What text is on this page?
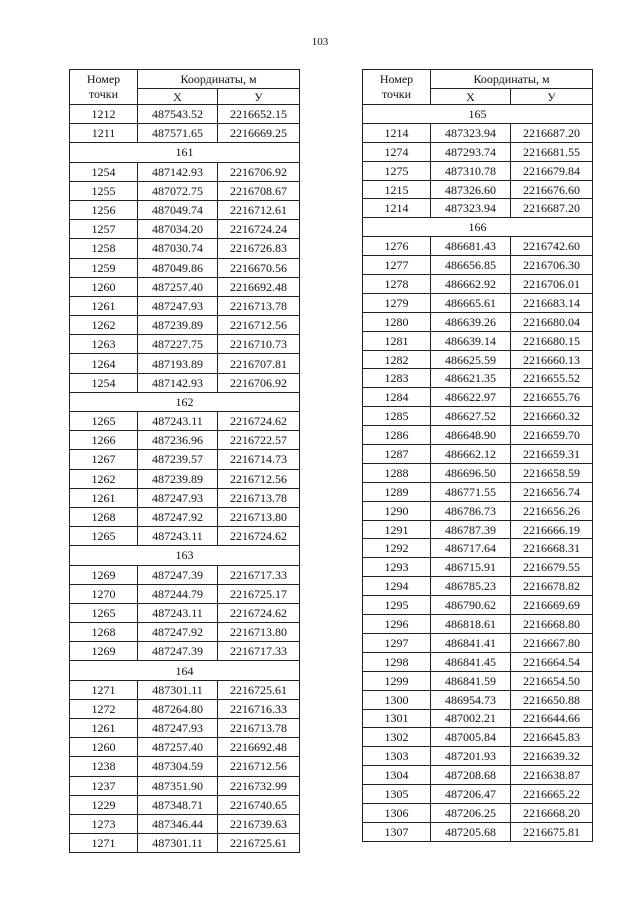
103
Номер точки	Координаты, м	
	X	У
1212	487543.52	2216652.15
1211	487571.65	2216669.25
161		
1254	487142.93	2216706.92
1255	487072.75	2216708.67
1256	487049.74	2216712.61
1257	487034.20	2216724.24
1258	487030.74	2216726.83
1259	487049.86	2216670.56
1260	487257.40	2216692.48
1261	487247.93	2216713.78
1262	487239.89	2216712.56
1263	487227.75	2216710.73
1264	487193.89	2216707.81
1254	487142.93	2216706.92
162		
1265	487243.11	2216724.62
1266	487236.96	2216722.57
1267	487239.57	2216714.73
1262	487239.89	2216712.56
1261	487247.93	2216713.78
1268	487247.92	2216713.80
1265	487243.11	2216724.62
163		
1269	487247.39	2216717.33
1270	487244.79	2216725.17
1265	487243.11	2216724.62
1268	487247.92	2216713.80
1269	487247.39	2216717.33
164		
1271	487301.11	2216725.61
1272	487264.80	2216716.33
1261	487247.93	2216713.78
1260	487257.40	2216692.48
1238	487304.59	2216712.56
1237	487351.90	2216732.99
1229	487348.71	2216740.65
1273	487346.44	2216739.63
1271	487301.11	2216725.61
Номер точки	Координаты, м	
	X	У
165		
1214	487323.94	2216687.20
1274	487293.74	2216681.55
1275	487310.78	2216679.84
1215	487326.60	2216676.60
1214	487323.94	2216687.20
166		
1276	486681.43	2216742.60
1277	486656.85	2216706.30
1278	486662.92	2216706.01
1279	486665.61	2216683.14
1280	486639.26	2216680.04
1281	486639.14	2216680.15
1282	486625.59	2216660.13
1283	486621.35	2216655.52
1284	486622.97	2216655.76
1285	486627.52	2216660.32
1286	486648.90	2216659.70
1287	486662.12	2216659.31
1288	486696.50	2216658.59
1289	486771.55	2216656.74
1290	486786.73	2216656.26
1291	486787.39	2216666.19
1292	486717.64	2216668.31
1293	486715.91	2216679.55
1294	486785.23	2216678.82
1295	486790.62	2216669.69
1296	486818.61	2216668.80
1297	486841.41	2216667.80
1298	486841.45	2216664.54
1299	486841.59	2216654.50
1300	486954.73	2216650.88
1301	487002.21	2216644.66
1302	487005.84	2216645.83
1303	487201.93	2216639.32
1304	487208.68	2216638.87
1305	487206.47	2216665.22
1306	487206.25	2216668.20
1307	487205.68	2216675.81
